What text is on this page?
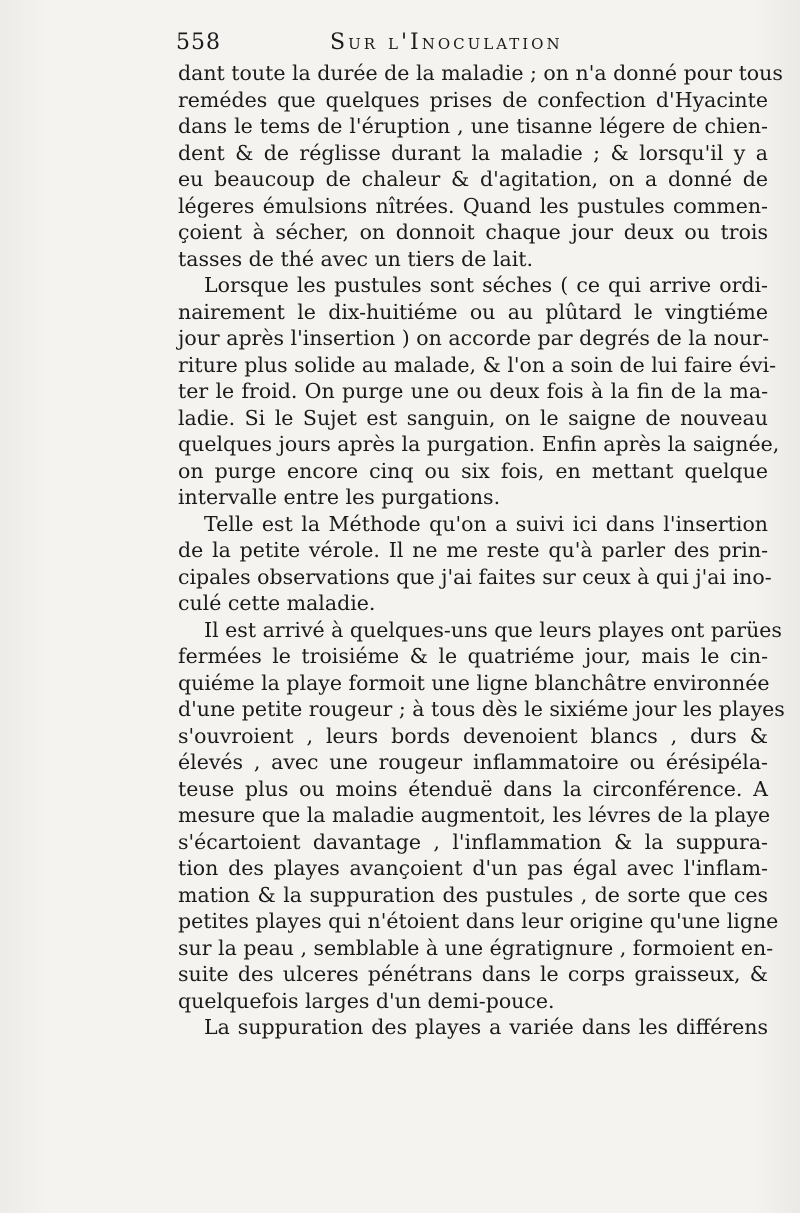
558	Sur l'Inoculation
dant toute la durée de la maladie ; on n'a donné pour tous
remédes que quelques prises de confection d'Hyacinte
dans le tems de l'éruption , une tisanne légere de chien-
dent & de réglisse durant la maladie ; & lorsqu'il y a
eu beaucoup de chaleur & d'agitation, on a donné de
légeres émulsions nîtrées. Quand les pustules commen-
çoient à sécher, on donnoit chaque jour deux ou trois
tasses de thé avec un tiers de lait.
Lorsque les pustules sont séches ( ce qui arrive ordi-
nairement le dix-huitiéme ou au plûtard le vingtiéme
jour après l'insertion ) on accorde par degrés de la nour-
riture plus solide au malade, & l'on a soin de lui faire évi-
ter le froid. On purge une ou deux fois à la fin de la ma-
ladie. Si le Sujet est sanguin, on le saigne de nouveau
quelques jours après la purgation. Enfin après la saignée,
on purge encore cinq ou six fois, en mettant quelque
intervalle entre les purgations.
Telle est la Méthode qu'on a suivi ici dans l'insertion
de la petite vérole. Il ne me reste qu'à parler des prin-
cipales observations que j'ai faites sur ceux à qui j'ai ino-
culé cette maladie.
Il est arrivé à quelques-uns que leurs playes ont parües
fermées le troisiéme & le quatriéme jour, mais le cin-
quiéme la playe formoit une ligne blanchâtre environnée
d'une petite rougeur ; à tous dès le sixiéme jour les playes
s'ouvroient , leurs bords devenoient blancs , durs &
élevés , avec une rougeur inflammatoire ou érésipéla-
teuse plus ou moins étenduë dans la circonférence. A
mesure que la maladie augmentoit, les lévres de la playe
s'écartoient davantage , l'inflammation & la suppura-
tion des playes avançoient d'un pas égal avec l'inflam-
mation & la suppuration des pustules , de sorte que ces
petites playes qui n'étoient dans leur origine qu'une ligne
sur la peau , semblable à une égratignure , formoient en-
suite des ulceres pénétrans dans le corps graisseux, &
quelquefois larges d'un demi-pouce.
La suppuration des playes a variée dans les différens
